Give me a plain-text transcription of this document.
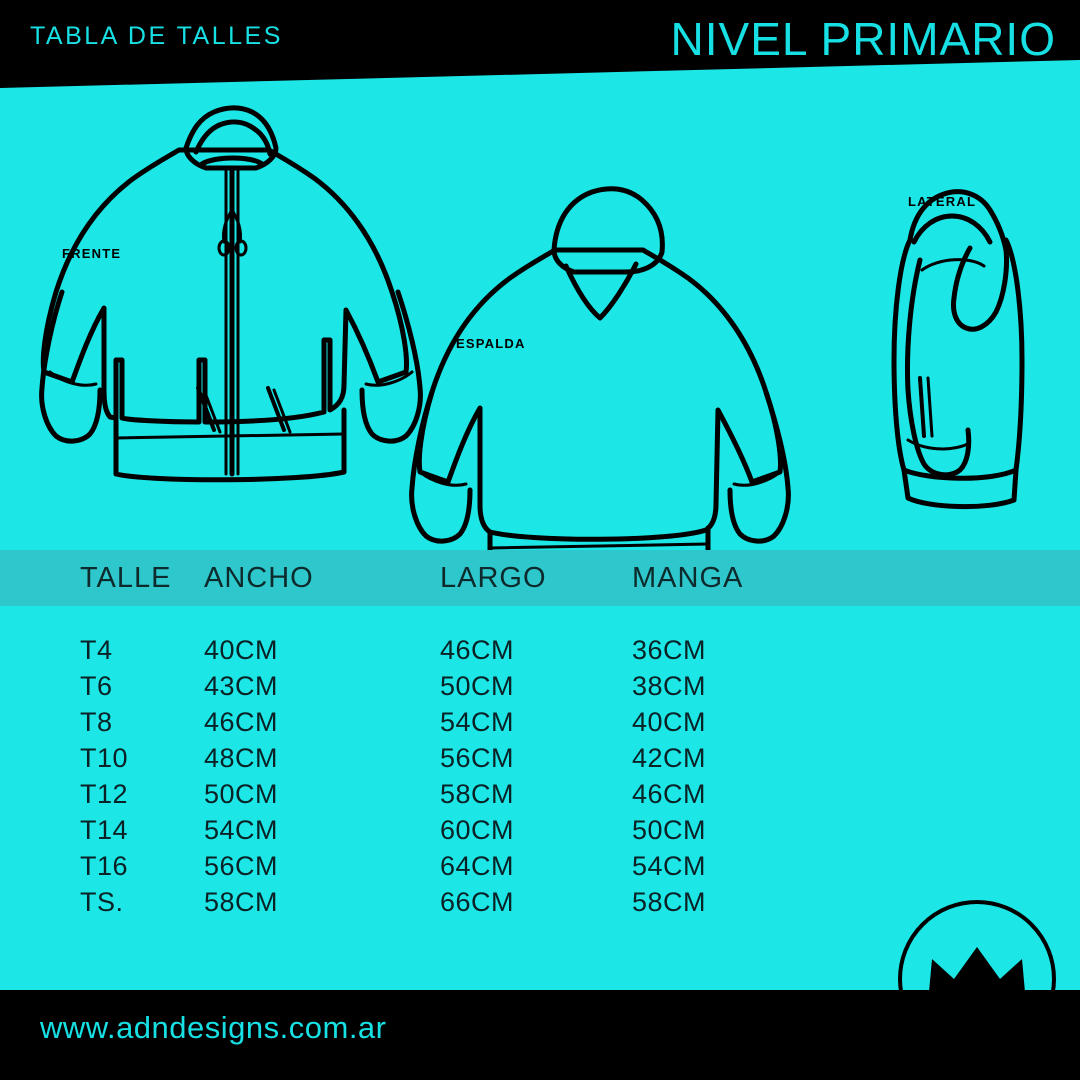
TABLA DE TALLES	NIVEL PRIMARIO
FRENTE
ESPALDA
LATERAL
TALLE	ANCHO	LARGO	MANGA
T4	40CM	46CM	36CM
T6	43CM	50CM	38CM
T8	46CM	54CM	40CM
T10	48CM	56CM	42CM
T12	50CM	58CM	46CM
T14	54CM	60CM	50CM
T16	56CM	64CM	54CM
TS.	58CM	66CM	58CM
www.adndesigns.com.ar
